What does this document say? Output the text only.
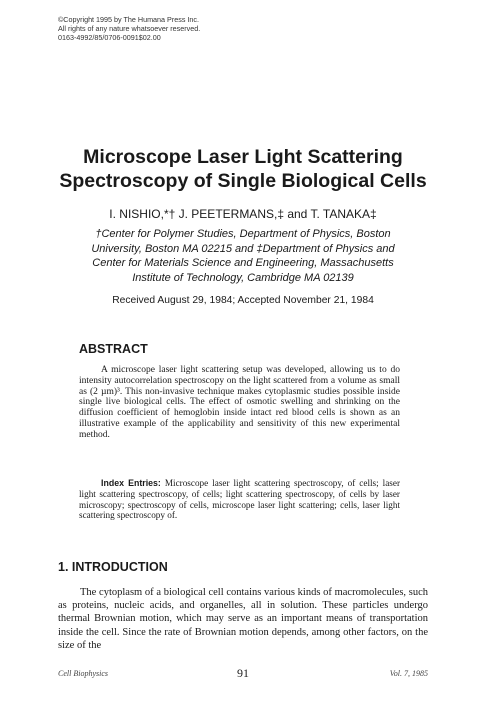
©Copyright 1995 by The Humana Press Inc.
All rights of any nature whatsoever reserved.
0163-4992/85/0706-0091$02.00
Microscope Laser Light Scattering
Spectroscopy of Single Biological Cells
I. NISHIO,*† J. PEETERMANS,‡ and T. TANAKA‡
†Center for Polymer Studies, Department of Physics, Boston
University, Boston MA 02215 and ‡Department of Physics and
Center for Materials Science and Engineering, Massachusetts
Institute of Technology, Cambridge MA 02139
Received August 29, 1984; Accepted November 21, 1984
ABSTRACT
A microscope laser light scattering setup was developed, allowing us to do intensity autocorrelation spectroscopy on the light scattered from a volume as small as (2 µm)³. This non-invasive technique makes cytoplasmic studies possible inside single live biological cells. The effect of osmotic swelling and shrinking on the diffusion coefficient of hemoglobin inside intact red blood cells is shown as an illustrative example of the applicability and sensitivity of this new experimental method.
Index Entries: Microscope laser light scattering spectroscopy, of cells; laser light scattering spectroscopy, of cells; light scattering spectroscopy, of cells by laser microscopy; spectroscopy of cells, microscope laser light scattering; cells, laser light scattering spectroscopy of.
1. INTRODUCTION
The cytoplasm of a biological cell contains various kinds of macromolecules, such as proteins, nucleic acids, and organelles, all in solution. These particles undergo thermal Brownian motion, which may serve as an important means of transportation inside the cell. Since the rate of Brownian motion depends, among other factors, on the size of the
Cell Biophysics	91	Vol. 7, 1985
